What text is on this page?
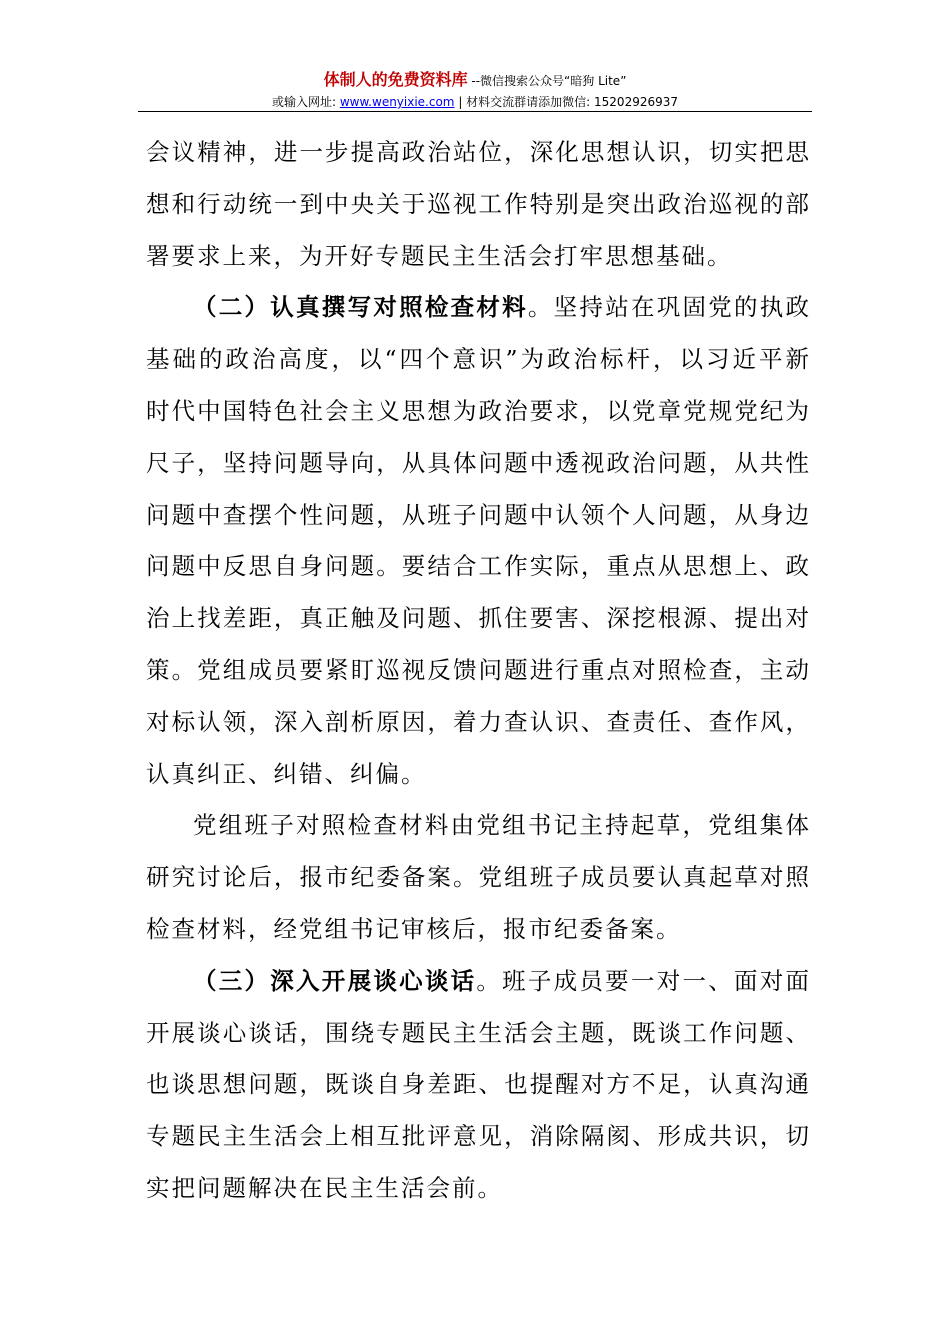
体制人的免费资料库 --微信搜索公众号“暗狗 Lite”
或输入网址: www.wenyixie.com | 材料交流群请添加微信: 15202926937

会议精神，进一步提高政治站位，深化思想认识，切实把思想和行动统一到中央关于巡视工作特别是突出政治巡视的部署要求上来，为开好专题民主生活会打牢思想基础。

（二）认真撰写对照检查材料。坚持站在巩固党的执政基础的政治高度，以“四个意识”为政治标杆，以习近平新时代中国特色社会主义思想为政治要求，以党章党规党纪为尺子，坚持问题导向，从具体问题中透视政治问题，从共性问题中查摆个性问题，从班子问题中认领个人问题，从身边问题中反思自身问题。要结合工作实际，重点从思想上、政治上找差距，真正触及问题、抓住要害、深挖根源、提出对策。党组成员要紧盯巡视反馈问题进行重点对照检查，主动对标认领，深入剖析原因，着力查认识、查责任、查作风，认真纠正、纠错、纠偏。

党组班子对照检查材料由党组书记主持起草，党组集体研究讨论后，报市纪委备案。党组班子成员要认真起草对照检查材料，经党组书记审核后，报市纪委备案。

（三）深入开展谈心谈话。班子成员要一对一、面对面开展谈心谈话，围绕专题民主生活会主题，既谈工作问题、也谈思想问题，既谈自身差距、也提醒对方不足，认真沟通专题民主生活会上相互批评意见，消除隔阂、形成共识，切实把问题解决在民主生活会前。
